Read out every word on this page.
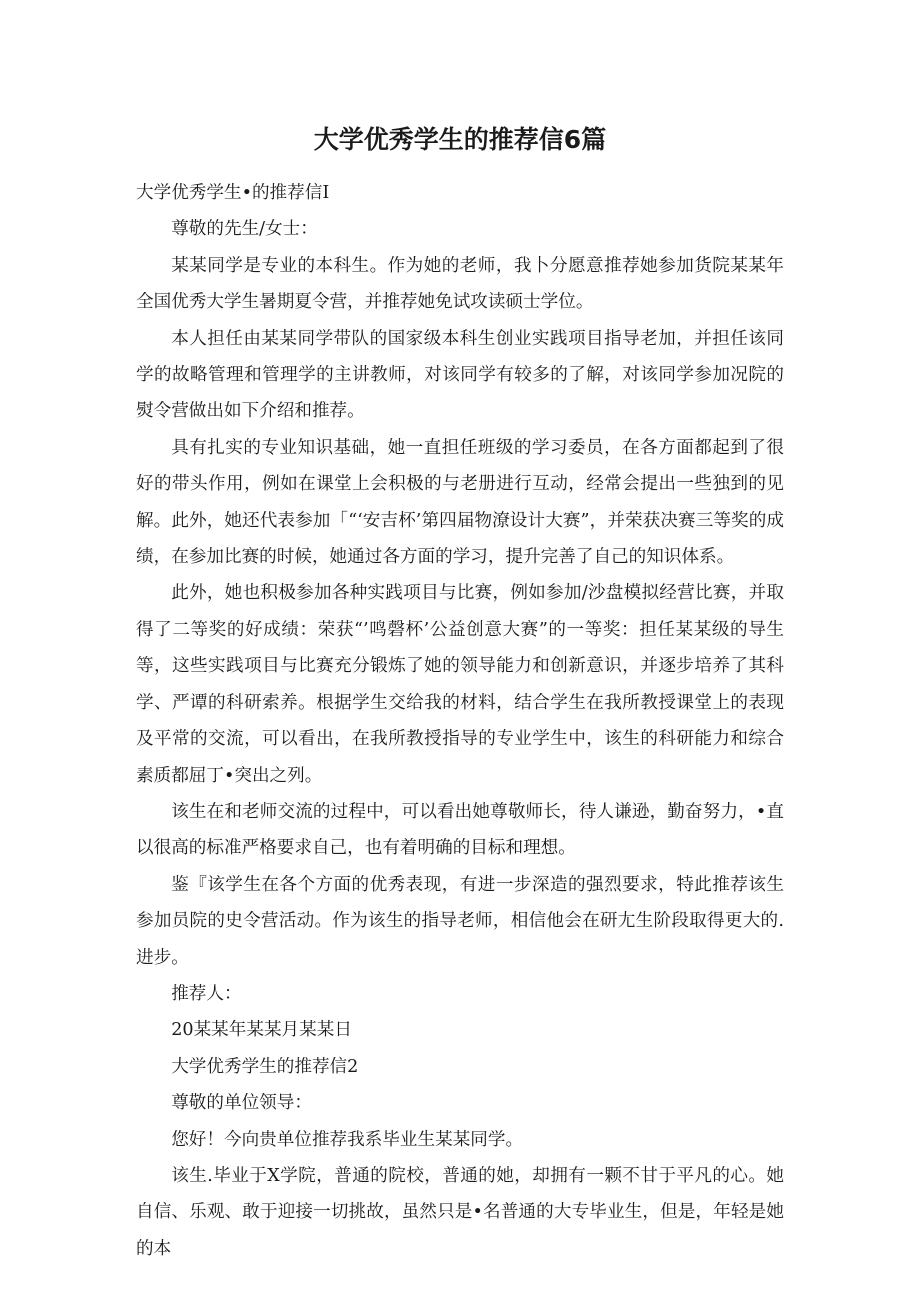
大学优秀学生的推荐信6篇

大学优秀学生•的推荐信I

尊敬的先生/女士：

某某同学是专业的本科生。作为她的老师，我卜分愿意推荐她参加货院某某年全国优秀大学生暑期夏令营，并推荐她免试攻读硕士学位。

本人担任由某某同学带队的国家级本科生创业实践项目指导老加，并担任该同学的故略管理和管理学的主讲教师，对该同学有较多的了解，对该同学参加况院的熨令营做出如下介绍和推荐。

具有扎实的专业知识基础，她一直担任班级的学习委员，在各方面都起到了很好的带头作用，例如在课堂上会积极的与老册进行互动，经常会提出一些独到的见解。此外，她还代表参加「“‘安吉杯’第四届物潦设计大赛”，并荣获决赛三等奖的成绩，在参加比赛的时候，她通过各方面的学习，提升完善了自己的知识体系。

此外，她也积极参加各种实践项目与比赛，例如参加/沙盘模拟经营比赛，并取得了二等奖的好成绩：荣获“’鸣磬杯’公益创意大赛”的一等奖：担任某某级的导生等，这些实践项目与比赛充分锻炼了她的领导能力和创新意识，并逐步培养了其科学、严谭的科研索养。根据学生交给我的材料，结合学生在我所教授课堂上的表现及平常的交流，可以看出，在我所教授指导的专业学生中，该生的科研能力和综合素质都屈丁•突出之列。

该生在和老师交流的过程中，可以看出她尊敬师长，待人谦逊，勤奋努力，•直以很高的标准严格要求自己，也有着明确的目标和理想。

鉴『该学生在各个方面的优秀表现，有进一步深造的强烈要求，特此推荐该生参加员院的史令营活动。作为该生的指导老师，相信他会在研尢生阶段取得更大的.进步。

推荐人：

20某某年某某月某某日

大学优秀学生的推荐信2

尊敬的单位领导：

您好！今向贵单位推荐我系毕业生某某同学。

该生.毕业于X学院，普通的院校，普通的她，却拥有一颗不甘于平凡的心。她自信、乐观、敢于迎接一切挑故，虽然只是•名普通的大专毕业生，但是，年轻是她的本
